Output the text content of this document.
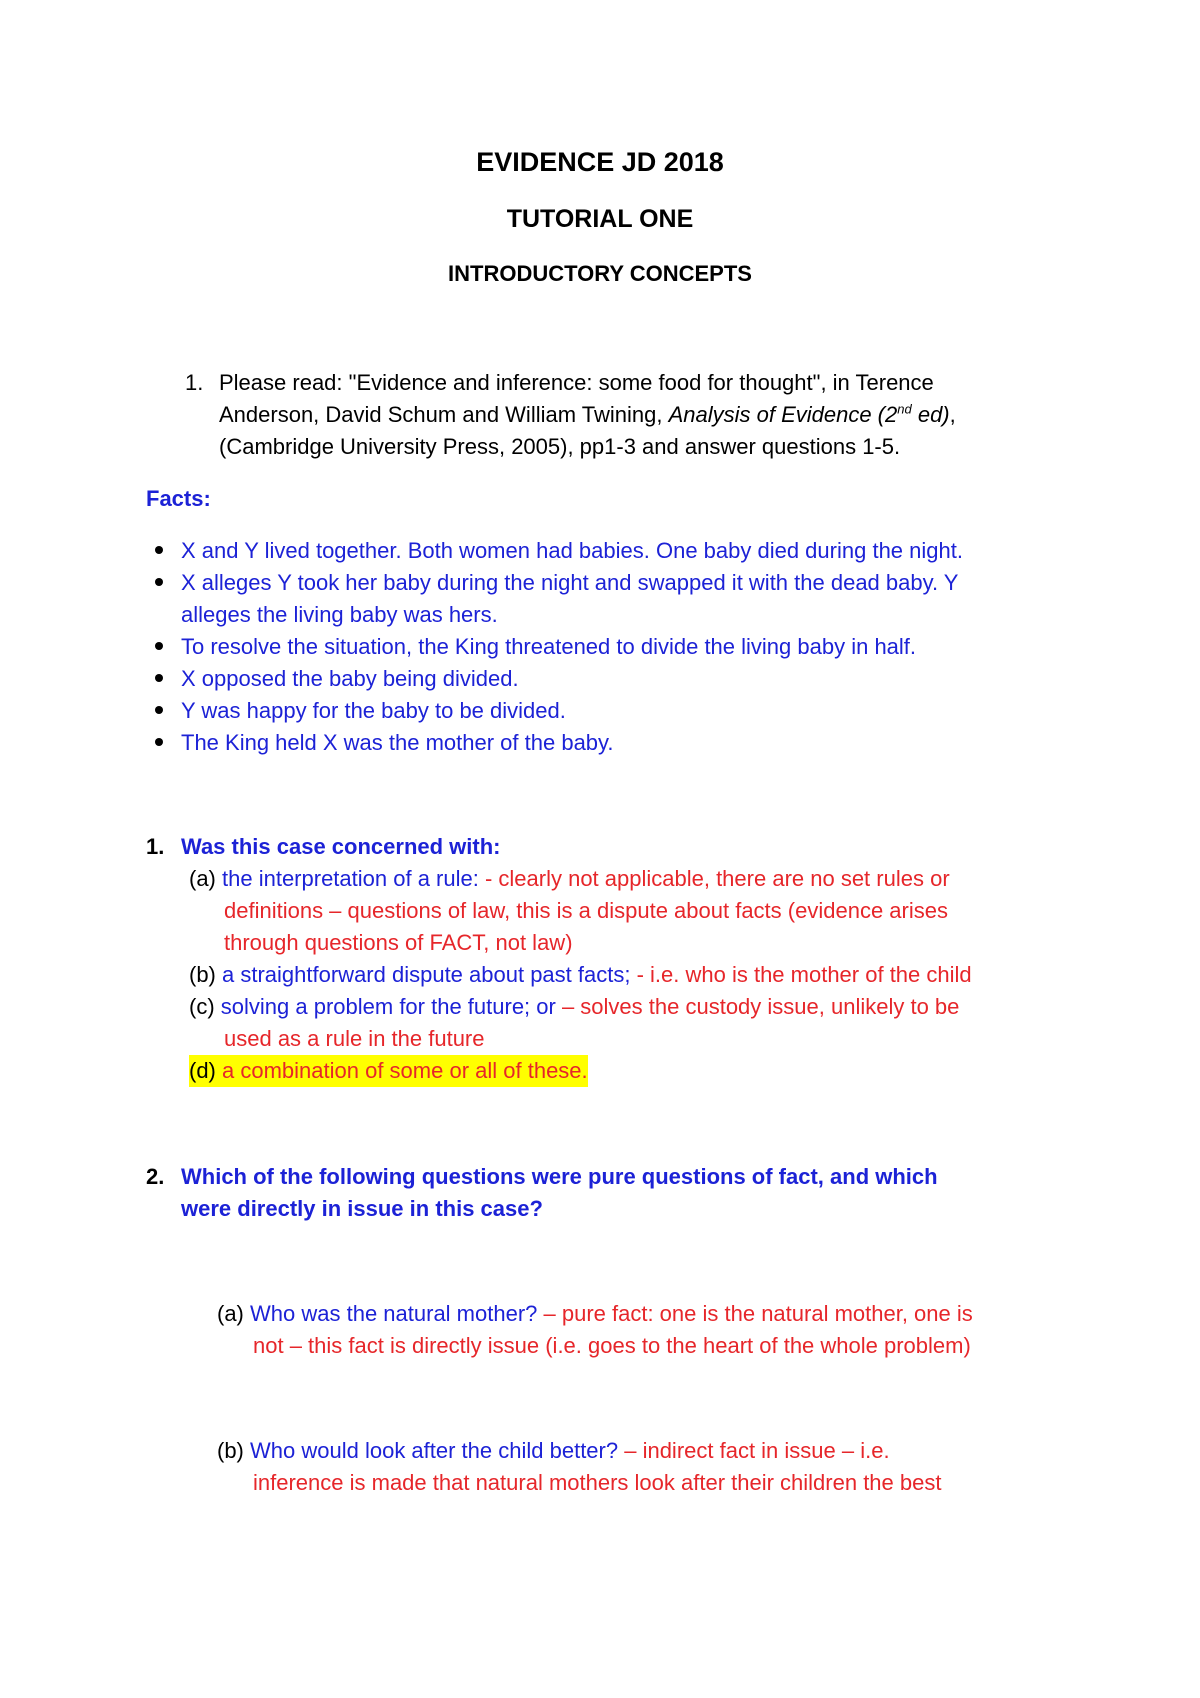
EVIDENCE JD 2018
TUTORIAL ONE
INTRODUCTORY CONCEPTS
1. Please read: "Evidence and inference: some food for thought", in Terence
Anderson, David Schum and William Twining, Analysis of Evidence (2nd ed),
(Cambridge University Press, 2005), pp1-3 and answer questions 1-5.
Facts:
X and Y lived together. Both women had babies. One baby died during the night.
X alleges Y took her baby during the night and swapped it with the dead baby. Y
alleges the living baby was hers.
To resolve the situation, the King threatened to divide the living baby in half.
X opposed the baby being divided.
Y was happy for the baby to be divided.
The King held X was the mother of the baby.
1. Was this case concerned with:
(a) the interpretation of a rule: - clearly not applicable, there are no set rules or
definitions – questions of law, this is a dispute about facts (evidence arises
through questions of FACT, not law)
(b) a straightforward dispute about past facts; - i.e. who is the mother of the child
(c) solving a problem for the future; or – solves the custody issue, unlikely to be
used as a rule in the future
(d) a combination of some or all of these.
2. Which of the following questions were pure questions of fact, and which
were directly in issue in this case?
(a) Who was the natural mother? – pure fact: one is the natural mother, one is
not – this fact is directly issue (i.e. goes to the heart of the whole problem)
(b) Who would look after the child better? – indirect fact in issue – i.e.
inference is made that natural mothers look after their children the best
